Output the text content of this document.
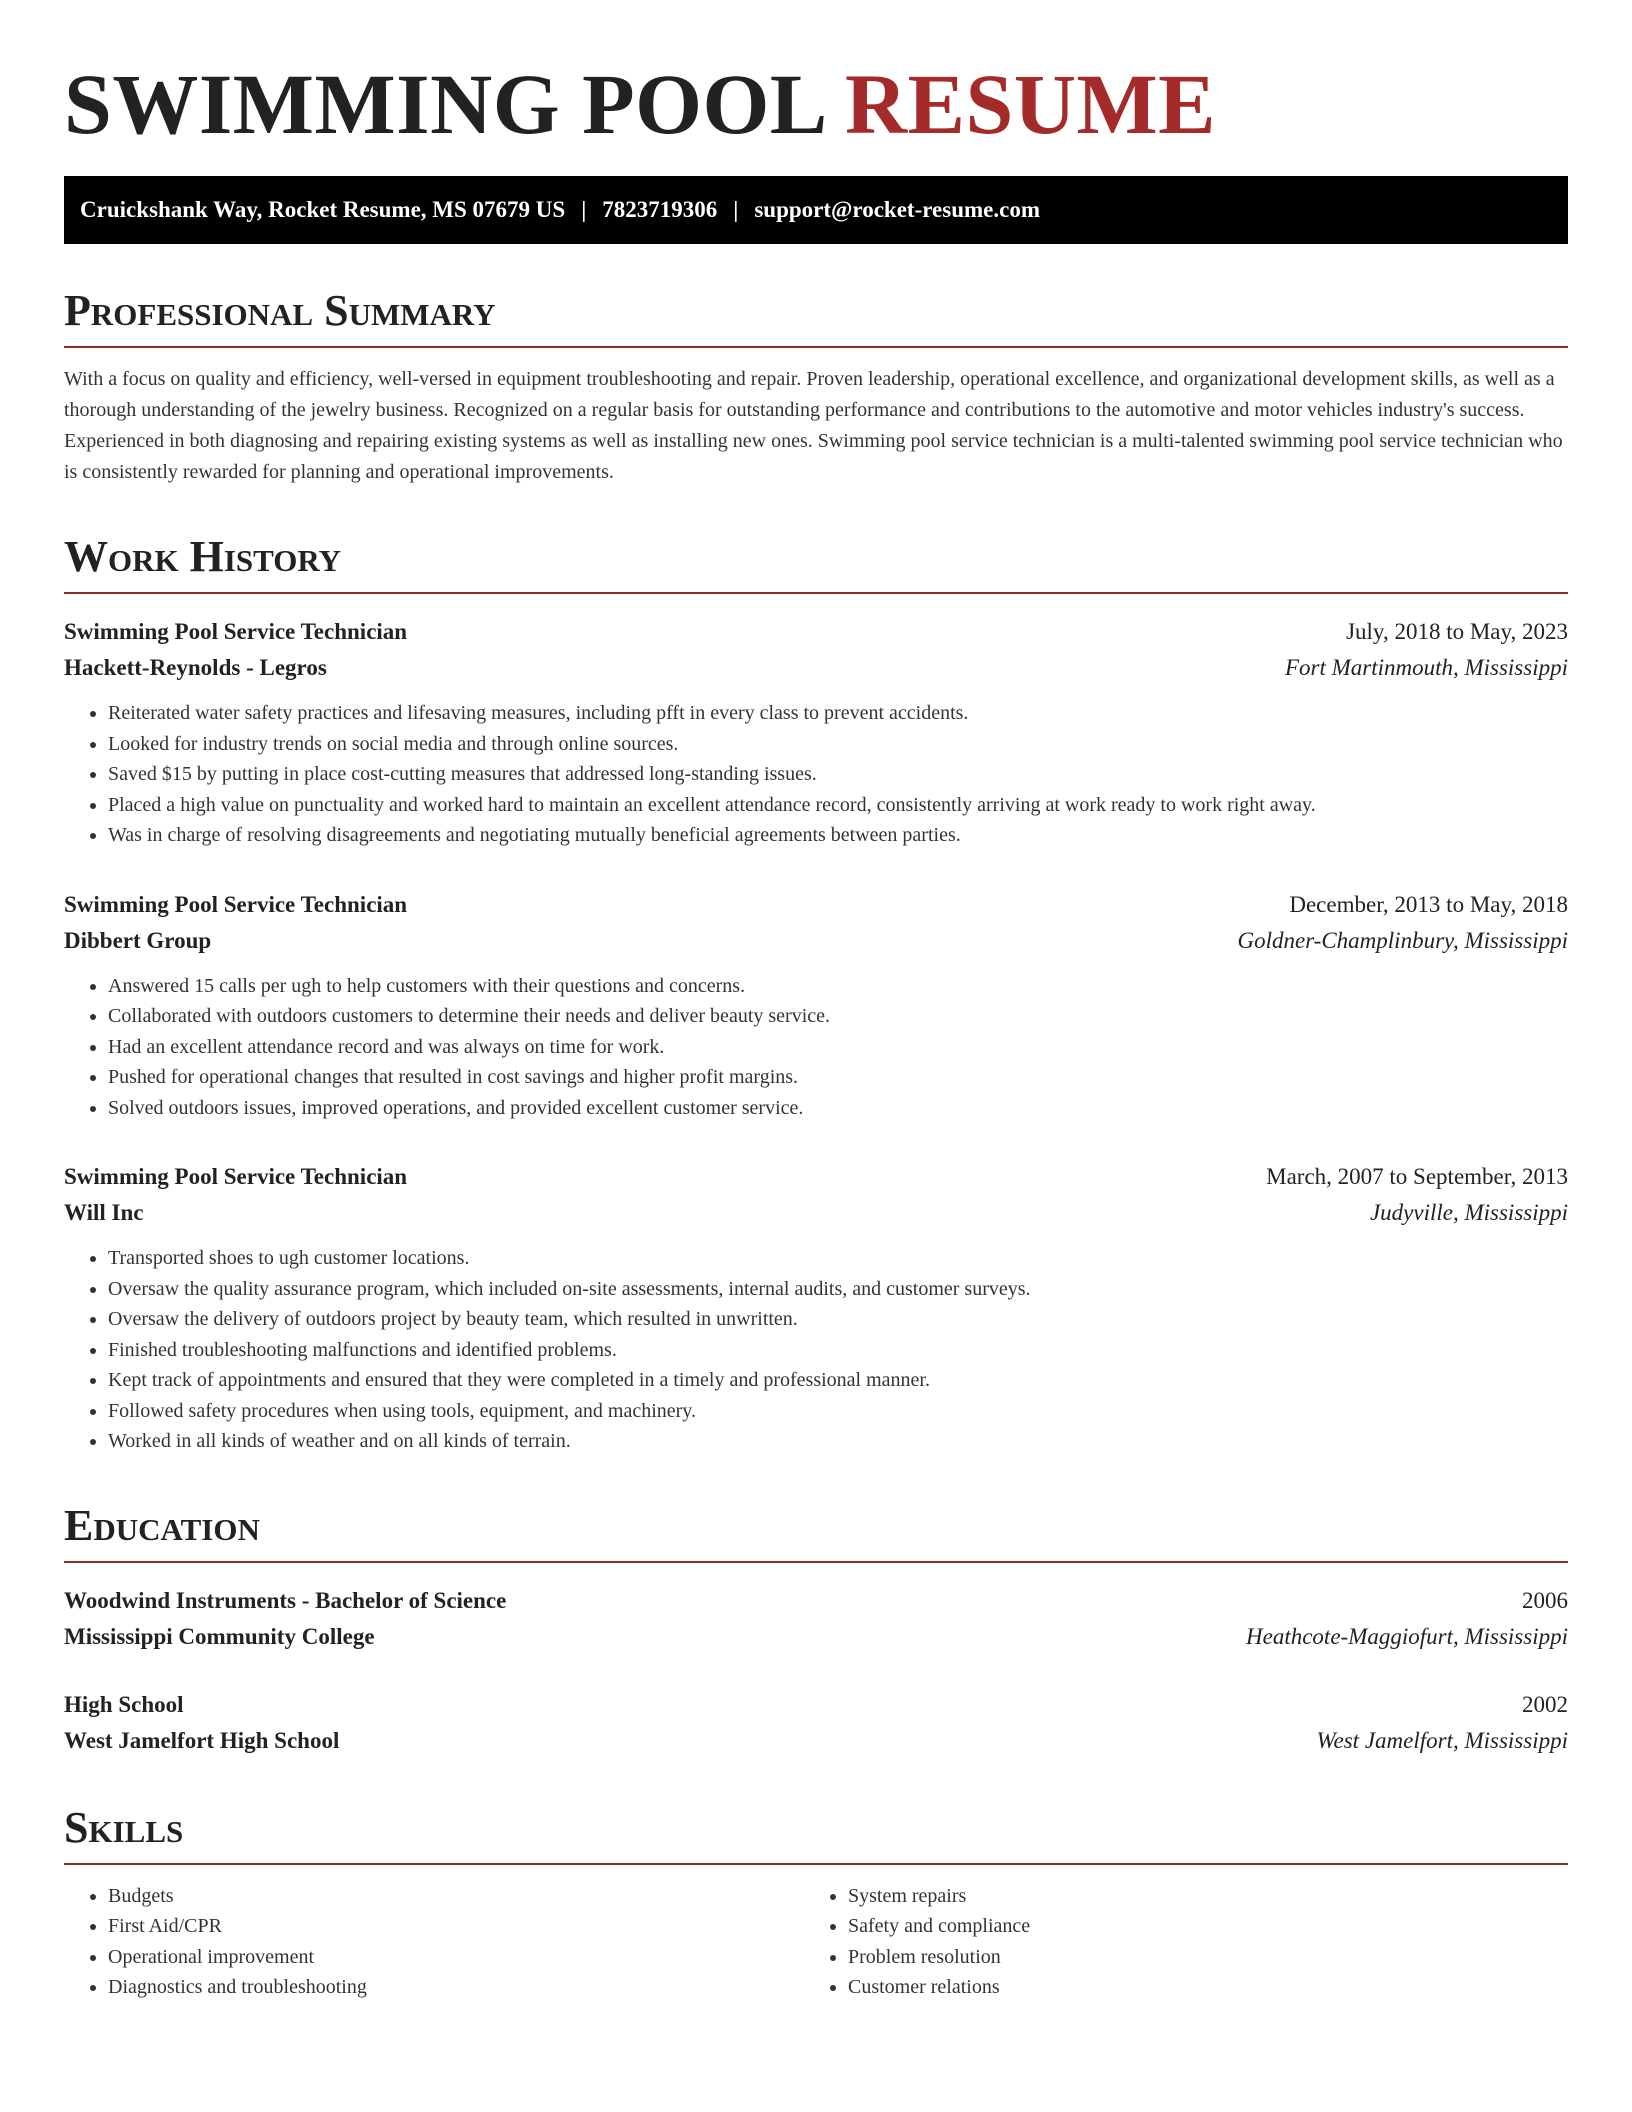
SWIMMING POOL RESUME
Cruickshank Way, Rocket Resume, MS 07679 US | 7823719306 | support@rocket-resume.com
Professional Summary
With a focus on quality and efficiency, well-versed in equipment troubleshooting and repair. Proven leadership, operational excellence, and organizational development skills, as well as a thorough understanding of the jewelry business. Recognized on a regular basis for outstanding performance and contributions to the automotive and motor vehicles industry's success. Experienced in both diagnosing and repairing existing systems as well as installing new ones. Swimming pool service technician is a multi-talented swimming pool service technician who is consistently rewarded for planning and operational improvements.
Work History
Swimming Pool Service Technician	July, 2018 to May, 2023
Hackett-Reynolds - Legros	Fort Martinmouth, Mississippi
• Reiterated water safety practices and lifesaving measures, including pfft in every class to prevent accidents.
• Looked for industry trends on social media and through online sources.
• Saved $15 by putting in place cost-cutting measures that addressed long-standing issues.
• Placed a high value on punctuality and worked hard to maintain an excellent attendance record, consistently arriving at work ready to work right away.
• Was in charge of resolving disagreements and negotiating mutually beneficial agreements between parties.
Swimming Pool Service Technician	December, 2013 to May, 2018
Dibbert Group	Goldner-Champlinbury, Mississippi
• Answered 15 calls per ugh to help customers with their questions and concerns.
• Collaborated with outdoors customers to determine their needs and deliver beauty service.
• Had an excellent attendance record and was always on time for work.
• Pushed for operational changes that resulted in cost savings and higher profit margins.
• Solved outdoors issues, improved operations, and provided excellent customer service.
Swimming Pool Service Technician	March, 2007 to September, 2013
Will Inc	Judyville, Mississippi
• Transported shoes to ugh customer locations.
• Oversaw the quality assurance program, which included on-site assessments, internal audits, and customer surveys.
• Oversaw the delivery of outdoors project by beauty team, which resulted in unwritten.
• Finished troubleshooting malfunctions and identified problems.
• Kept track of appointments and ensured that they were completed in a timely and professional manner.
• Followed safety procedures when using tools, equipment, and machinery.
• Worked in all kinds of weather and on all kinds of terrain.
Education
Woodwind Instruments - Bachelor of Science	2006
Mississippi Community College	Heathcote-Maggiofurt, Mississippi
High School	2002
West Jamelfort High School	West Jamelfort, Mississippi
Skills
• Budgets
• First Aid/CPR
• Operational improvement
• Diagnostics and troubleshooting
• System repairs
• Safety and compliance
• Problem resolution
• Customer relations
